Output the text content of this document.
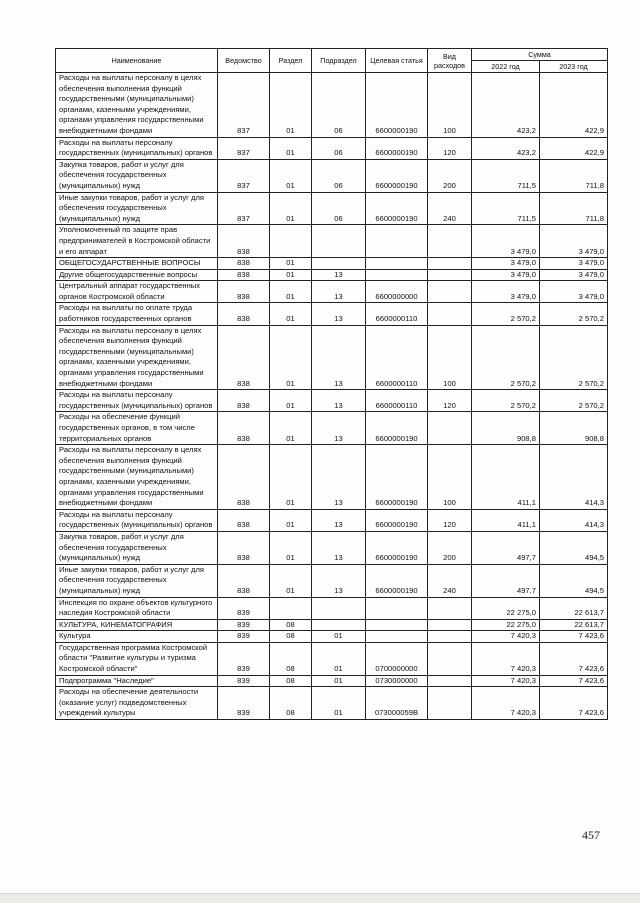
Наименование	Ведомство	Раздел	Подраздел	Целевая статья	Вид расходов	Сумма	
						2022 год	2023 год
Расходы на выплаты персоналу в целях обеспечения выполнения функций государственными (муниципальными) органами, казенными учреждениями, органами управления государственными внебюджетными фондами	837	01	06	6600000190	100	423,2	422,9
Расходы на выплаты персоналу государственных (муниципальных) органов	837	01	06	6600000190	120	423,2	422,9
Закупка товаров, работ и услуг для обеспечения государственных (муниципальных) нужд	837	01	06	6600000190	200	711,5	711,8
Иные закупки товаров, работ и услуг для обеспечения государственных (муниципальных) нужд	837	01	06	6600000190	240	711,5	711,8
Уполномоченный по защите прав предпринимателей в Костромской области и его аппарат	838					3 479,0	3 479,0
ОБЩЕГОСУДАРСТВЕННЫЕ ВОПРОСЫ	838	01				3 479,0	3 479,0
Другие общегосударственные вопросы	838	01	13			3 479,0	3 479,0
Центральный аппарат государственных органов Костромской области	838	01	13	6600000000		3 479,0	3 479,0
Расходы на выплаты по оплате труда работников государственных органов	838	01	13	6600000110		2 570,2	2 570,2
Расходы на выплаты персоналу в целях обеспечения выполнения функций государственными (муниципальными) органами, казенными учреждениями, органами управления государственными внебюджетными фондами	838	01	13	6600000110	100	2 570,2	2 570,2
Расходы на выплаты персоналу государственных (муниципальных) органов	838	01	13	6600000110	120	2 570,2	2 570,2
Расходы на обеспечение функций государственных органов, в том числе территориальных органов	838	01	13	6600000190		908,8	908,8
Расходы на выплаты персоналу в целях обеспечения выполнения функций государственными (муниципальными) органами, казенными учреждениями, органами управления государственными внебюджетными фондами	838	01	13	6600000190	100	411,1	414,3
Расходы на выплаты персоналу государственных (муниципальных) органов	838	01	13	6600000190	120	411,1	414,3
Закупка товаров, работ и услуг для обеспечения государственных (муниципальных) нужд	838	01	13	6600000190	200	497,7	494,5
Иные закупки товаров, работ и услуг для обеспечения государственных (муниципальных) нужд	838	01	13	6600000190	240	497,7	494,5
Инспекция по охране объектов культурного наследия Костромской области	839					22 275,0	22 613,7
КУЛЬТУРА, КИНЕМАТОГРАФИЯ	839	08				22 275,0	22 613,7
Культура	839	08	01			7 420,3	7 423,6
Государственная программа Костромской области "Развитие культуры и туризма Костромской области"	839	08	01	0700000000		7 420,3	7 423,6
Подпрограмма "Наследие"	839	08	01	0730000000		7 420,3	7 423,6
Расходы на обеспечение деятельности (оказание услуг) подведомственных учреждений культуры	839	08	01	073000059В		7 420,3	7 423,6
457
